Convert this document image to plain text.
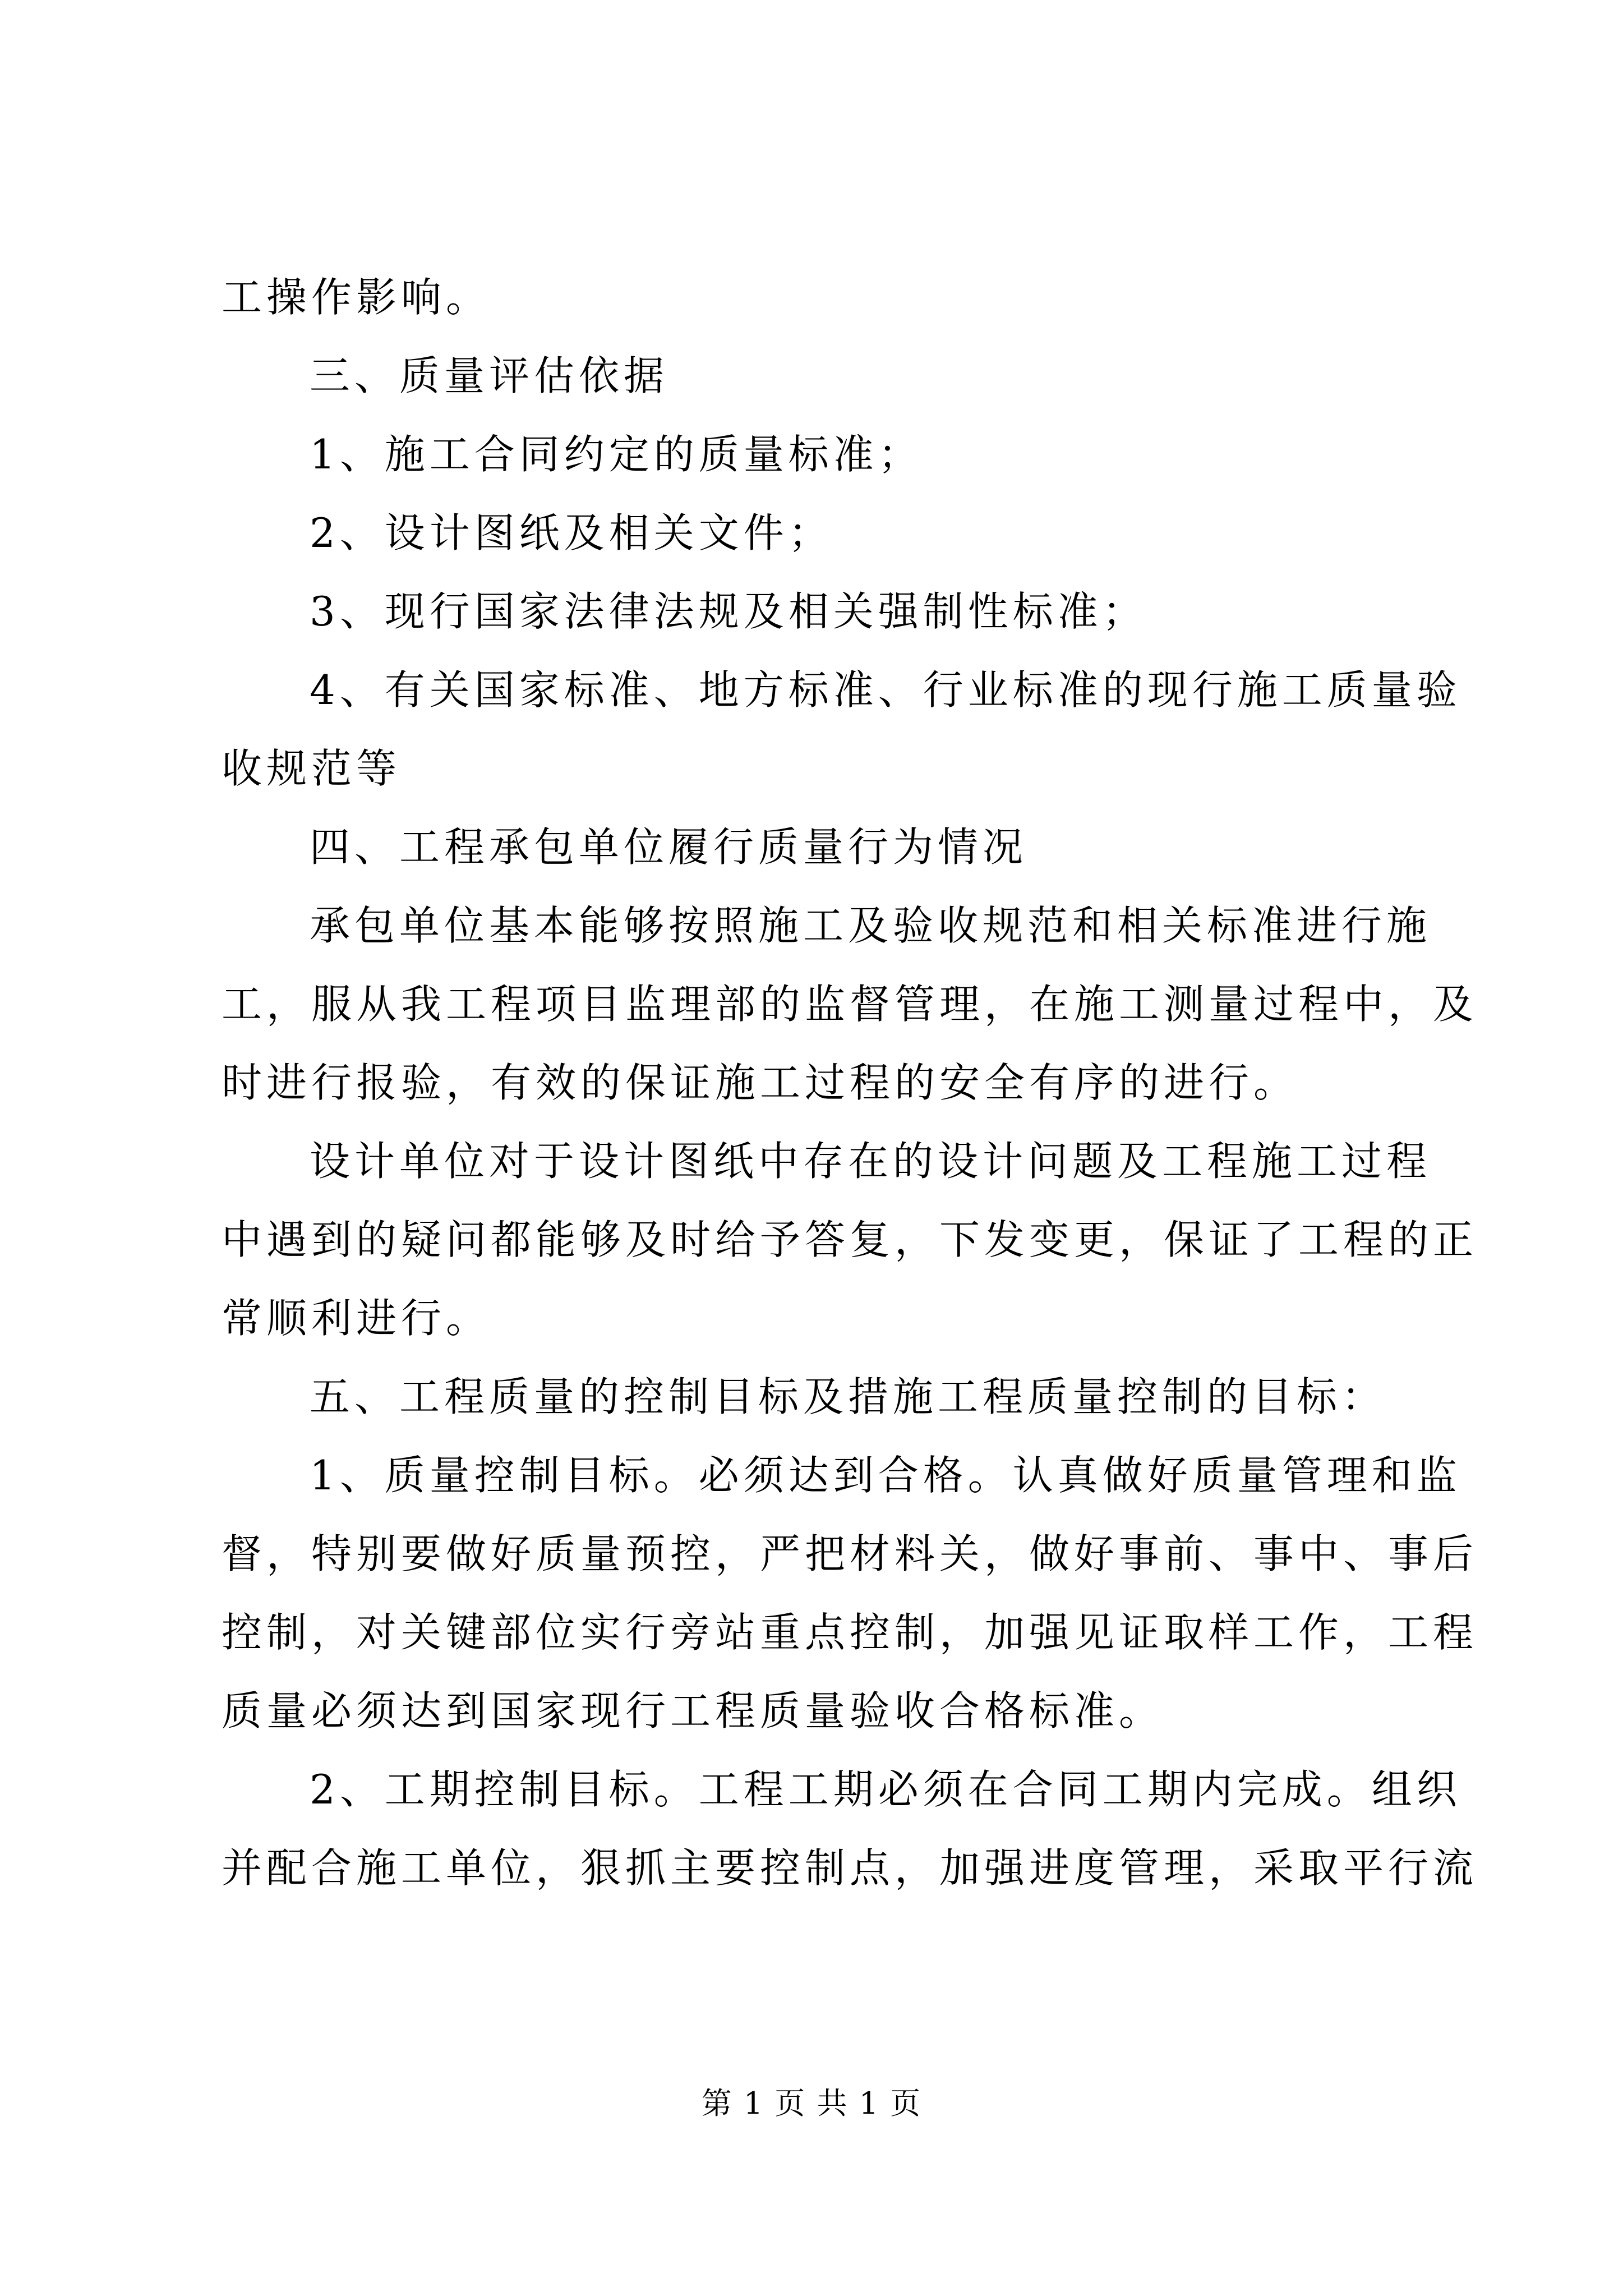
工操作影响。
三、质量评估依据
1、施工合同约定的质量标准；
2、设计图纸及相关文件；
3、现行国家法律法规及相关强制性标准；
4、有关国家标准、地方标准、行业标准的现行施工质量验
收规范等
四、工程承包单位履行质量行为情况
承包单位基本能够按照施工及验收规范和相关标准进行施
工，服从我工程项目监理部的监督管理，在施工测量过程中，及
时进行报验，有效的保证施工过程的安全有序的进行。
设计单位对于设计图纸中存在的设计问题及工程施工过程
中遇到的疑问都能够及时给予答复，下发变更，保证了工程的正
常顺利进行。
五、工程质量的控制目标及措施工程质量控制的目标：
1、质量控制目标。必须达到合格。认真做好质量管理和监
督，特别要做好质量预控，严把材料关，做好事前、事中、事后
控制，对关键部位实行旁站重点控制，加强见证取样工作，工程
质量必须达到国家现行工程质量验收合格标准。
2、工期控制目标。工程工期必须在合同工期内完成。组织
并配合施工单位，狠抓主要控制点，加强进度管理，采取平行流
第 1 页 共 1 页
